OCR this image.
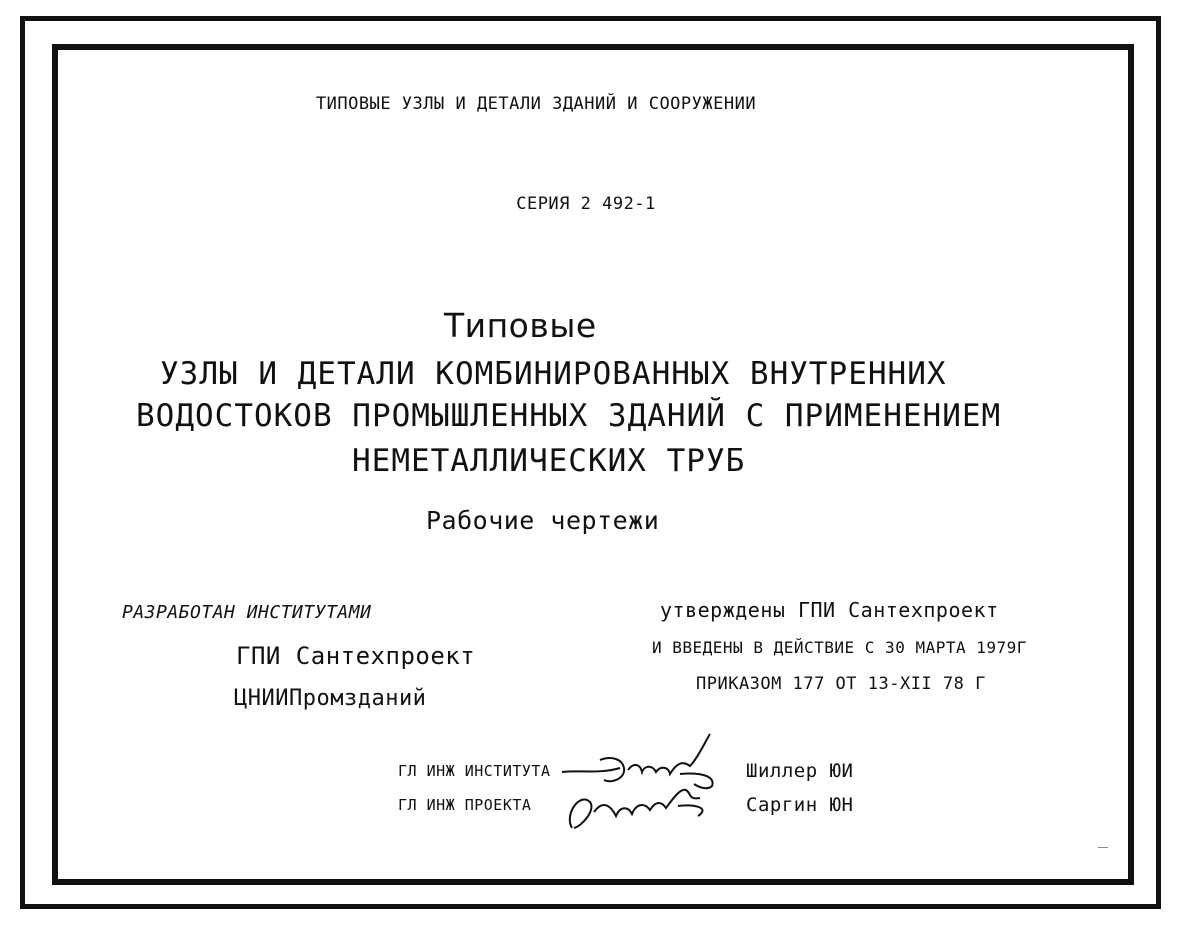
ТИПОВЫЕ УЗЛЫ И ДЕТАЛИ ЗДАНИЙ И СООРУЖЕНИИ
СЕРИЯ 2 492-1
Типовые
УЗЛЫ И ДЕТАЛИ КОМБИНИРОВАННЫХ ВНУТРЕННИХ
ВОДОСТОКОВ ПРОМЫШЛЕННЫХ ЗДАНИЙ С ПРИМЕНЕНИЕМ
НЕМЕТАЛЛИЧЕСКИХ ТРУБ
Рабочие чертежи
РАЗРАБОТАН ИНСТИТУТАМИ
ГПИ Сантехпроект
ЦНИИПромзданий
утверждены ГПИ Сантехпроект
И ВВЕДЕНЫ В ДЕЙСТВИЕ С 30 МАРТА 1979Г
ПРИКАЗОМ 177 ОТ 13-XII 78 Г
ГЛ ИНЖ ИНСТИТУТА
ГЛ ИНЖ ПРОЕКТА
Шиллер ЮИ
Саргин ЮН
